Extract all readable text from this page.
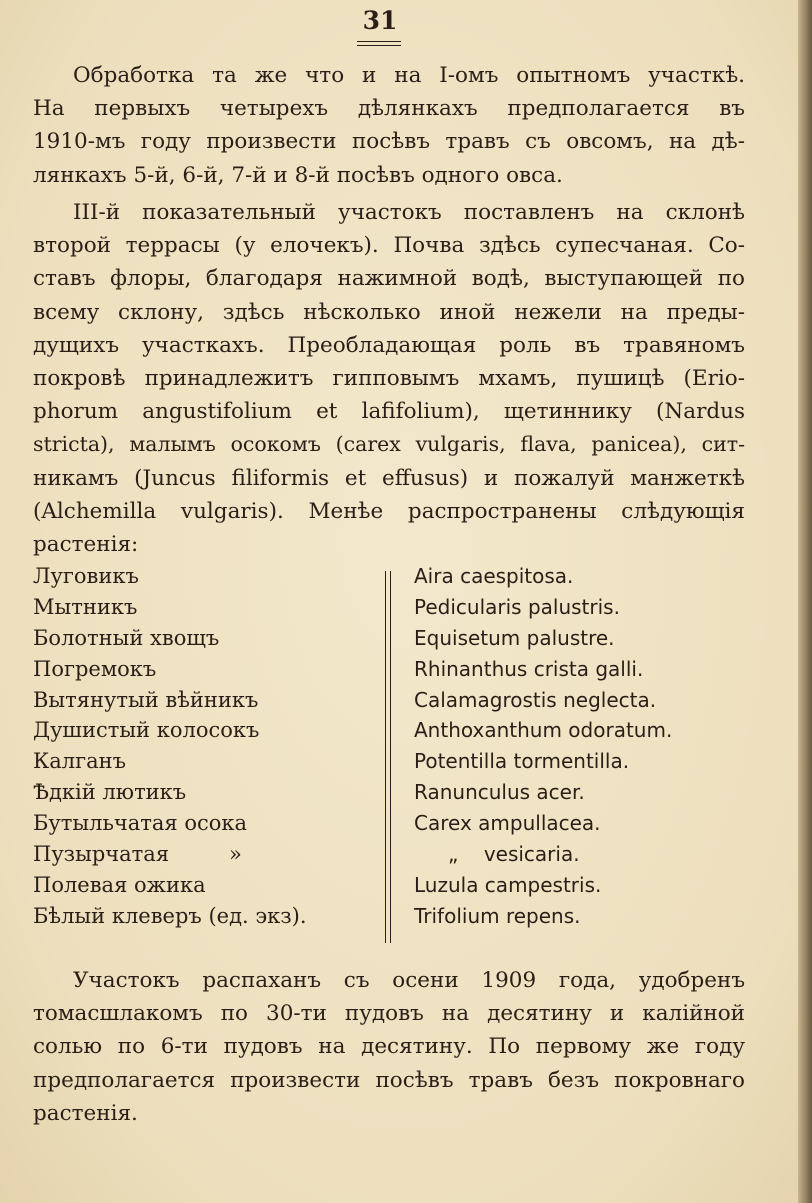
31
Обработка та же что и на I-омъ опытномъ участкѣ.
На первыхъ четырехъ дѣлянкахъ предполагается въ
1910-мъ году произвести посѣвъ травъ съ овсомъ, на дѣ-
лянкахъ 5-й, 6-й, 7-й и 8-й посѣвъ одного овса.
III-й показательный участокъ поставленъ на склонѣ
второй террасы (у елочекъ). Почва здѣсь супесчаная. Со-
ставъ флоры, благодаря нажимной водѣ, выступающей по
всему склону, здѣсь нѣсколько иной нежели на преды-
дущихъ участкахъ. Преобладающая роль въ травяномъ
покровѣ принадлежитъ гипповымъ мхамъ, пушицѣ (Erio-
phorum angustifolium et lafifolium), щетиннику (Nardus
stricta), малымъ осокомъ (carex vulgaris, flava, panicea), сит-
никамъ (Juncus filiformis et effusus) и пожалуй манжеткѣ
(Alchemilla vulgaris). Менѣе распространены слѣдующія
растенія:
Луговикъ
Мытникъ
Болотный хвощъ
Погремокъ
Вытянутый вѣйникъ
Душистый колосокъ
Калганъ
Ѣдкій лютикъ
Бутыльчатая осока
Пузырчатая	»
Полевая ожика
Бѣлый клеверъ (ед. экз).
Aira caespitosa.
Pedicularis palustris.
Equisetum palustre.
Rhinanthus crista galli.
Calamagrostis neglecta.
Anthoxanthum odoratum.
Potentilla tormentilla.
Ranunculus acer.
Carex ampullacea.
„ vesicaria.
Luzula campestris.
Trifolium repens.
Участокъ распаханъ съ осени 1909 года, удобренъ
томасшлакомъ по 30-ти пудовъ на десятину и калiйной
солью по 6-ти пудовъ на десятину. По первому же году
предполагается произвести посѣвъ травъ безъ покровнаго
растенія.
